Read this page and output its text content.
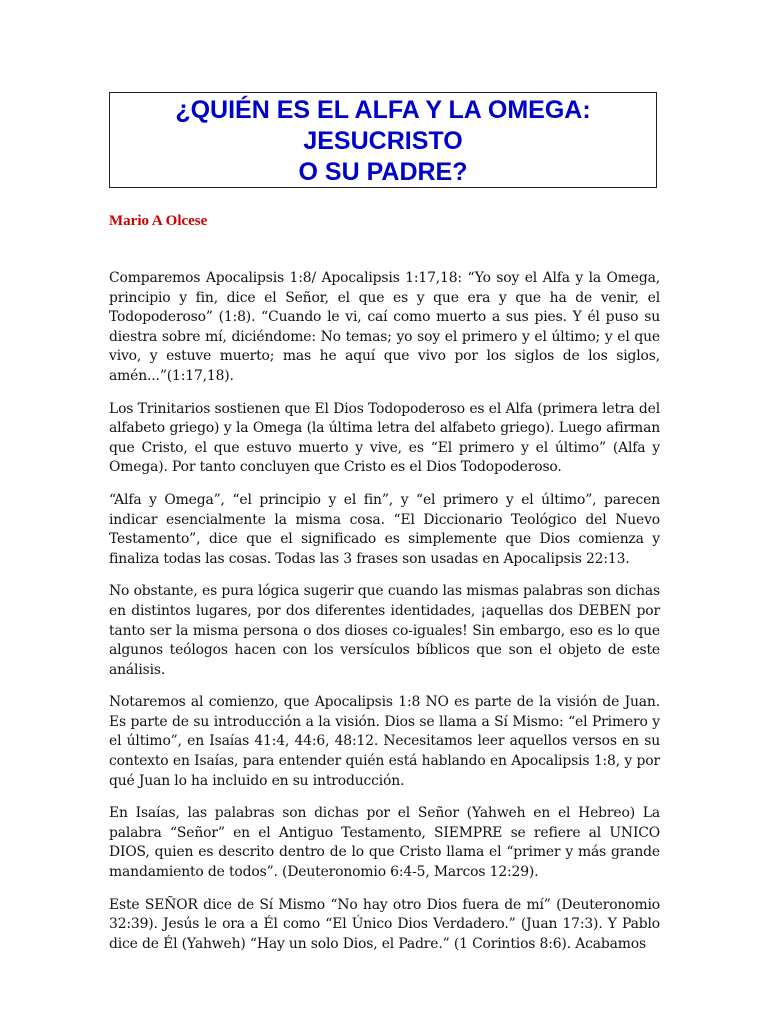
¿QUIÉN ES EL ALFA Y LA OMEGA:
JESUCRISTO
O SU PADRE?
Mario A Olcese

Comparemos Apocalipsis 1:8/ Apocalipsis 1:17,18: “Yo soy el Alfa y la Omega, principio y fin, dice el Señor, el que es y que era y que ha de venir, el Todopoderoso” (1:8). “Cuando le vi, caí como muerto a sus pies. Y él puso su diestra sobre mí, diciéndome: No temas; yo soy el primero y el último; y el que vivo, y estuve muerto; mas he aquí que vivo por los siglos de los siglos, amén...”(1:17,18).

Los Trinitarios sostienen que El Dios Todopoderoso es el Alfa (primera letra del alfabeto griego) y la Omega (la última letra del alfabeto griego). Luego afirman que Cristo, el que estuvo muerto y vive, es “El primero y el último” (Alfa y Omega). Por tanto concluyen que Cristo es el Dios Todopoderoso.

“Alfa y Omega”, “el principio y el fin”, y “el primero y el último”, parecen indicar esencialmente la misma cosa. “El Diccionario Teológico del Nuevo Testamento”, dice que el significado es simplemente que Dios comienza y finaliza todas las cosas. Todas las 3 frases son usadas en Apocalipsis 22:13.

No obstante, es pura lógica sugerir que cuando las mismas palabras son dichas en distintos lugares, por dos diferentes identidades, ¡aquellas dos DEBEN por tanto ser la misma persona o dos dioses co-iguales! Sin embargo, eso es lo que algunos teólogos hacen con los versículos bíblicos que son el objeto de este análisis.

Notaremos al comienzo, que Apocalipsis 1:8 NO es parte de la visión de Juan. Es parte de su introducción a la visión. Dios se llama a Sí Mismo: “el Primero y el último”, en Isaías 41:4, 44:6, 48:12. Necesitamos leer aquellos versos en su contexto en Isaías, para entender quién está hablando en Apocalipsis 1:8, y por qué Juan lo ha incluido en su introducción.

En Isaías, las palabras son dichas por el Señor (Yahweh en el Hebreo) La palabra “Señor” en el Antiguo Testamento, SIEMPRE se refiere al UNICO DIOS, quien es descrito dentro de lo que Cristo llama el “primer y más grande mandamiento de todos”. (Deuteronomio 6:4-5, Marcos 12:29).

Este SEÑOR dice de Sí Mismo “No hay otro Dios fuera de mí” (Deuteronomio 32:39). Jesús le ora a Él como “El Único Dios Verdadero.” (Juan 17:3). Y Pablo dice de Él (Yahweh) “Hay un solo Dios, el Padre.” (1 Corintios 8:6). Acabamos
